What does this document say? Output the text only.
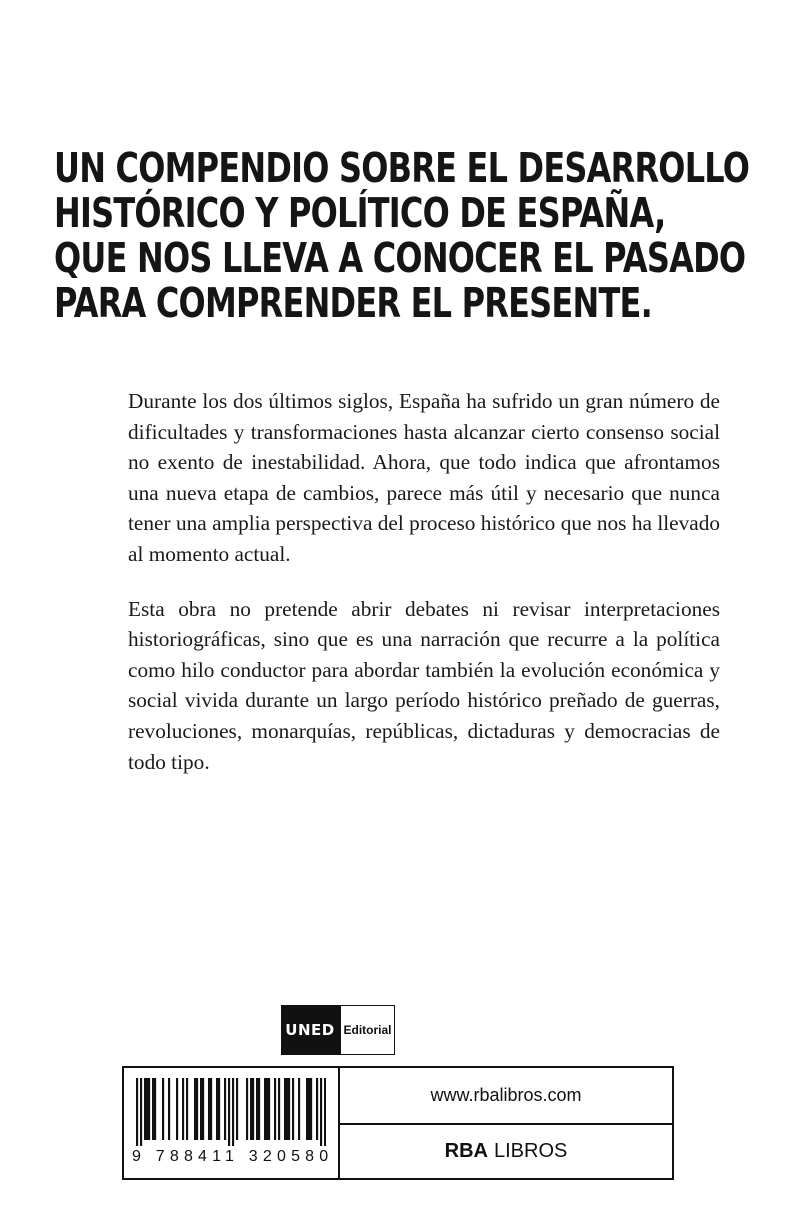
UN COMPENDIO SOBRE EL DESARROLLO
HISTÓRICO Y POLÍTICO DE ESPAÑA,
QUE NOS LLEVA A CONOCER EL PASADO
PARA COMPRENDER EL PRESENTE.

Durante los dos últimos siglos, España ha sufrido un gran número de dificultades y transformaciones hasta alcanzar cierto consenso social no exento de inestabilidad. Ahora, que todo indica que afrontamos una nueva etapa de cambios, parece más útil y necesario que nunca tener una amplia perspectiva del proceso histórico que nos ha llevado al momento actual.

Esta obra no pretende abrir debates ni revisar interpretaciones historiográficas, sino que es una narración que recurre a la política como hilo conductor para abordar también la evolución económica y social vivida durante un largo período histórico preñado de guerras, revoluciones, monarquías, repúblicas, dictaduras y democracias de todo tipo.

UNED Editorial
9 788411 320580
www.rbalibros.com
RBA LIBROS
